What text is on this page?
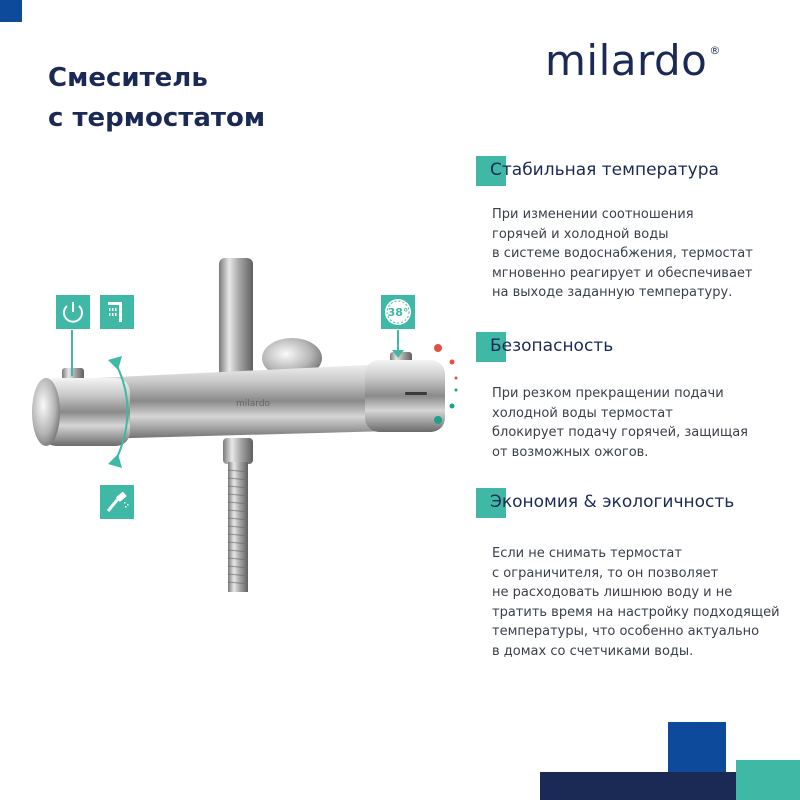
Смеситель
с термостатом
milardo ®
milardo
38°
Стабильная температура
При изменении соотношения
горячей и холодной воды
в системе водоснабжения, термостат
мгновенно реагирует и обеспечивает
на выходе заданную температуру.
Безопасность
При резком прекращении подачи
холодной воды термостат
блокирует подачу горячей, защищая
от возможных ожогов.
Экономия & экологичность
Если не снимать термостат
с ограничителя, то он позволяет
не расходовать лишнюю воду и не
тратить время на настройку подходящей
температуры, что особенно актуально
в домах со счетчиками воды.
